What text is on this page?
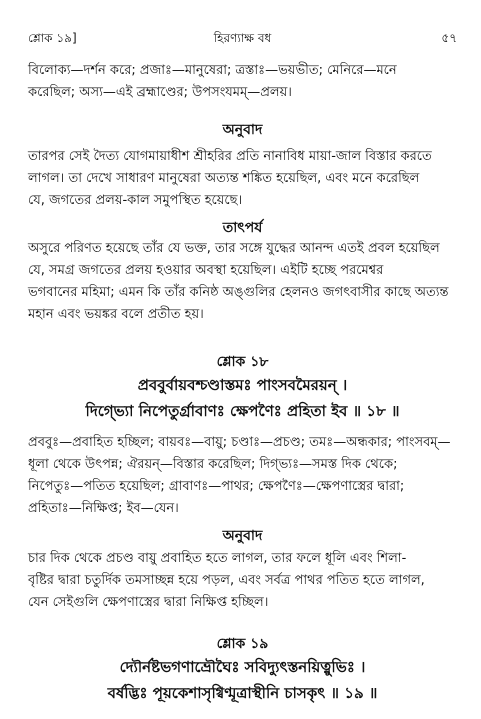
শ্লোক ১৯]	হিরণ্যাক্ষ বধ	৫৭
বিলোক্য—দর্শন করে; প্রজাঃ—মানুষেরা; ত্রস্তাঃ—ভয়ভীত; মেনিরে—মনে
করেছিল; অস্য—এই ব্রহ্মাণ্ডের; উপসংযমম্—প্রলয়।
অনুবাদ
তারপর সেই দৈত্য যোগমায়াধীশ শ্রীহরির প্রতি নানাবিধ মায়া-জাল বিস্তার করতে
লাগল। তা দেখে সাধারণ মানুষেরা অত্যন্ত শঙ্কিত হয়েছিল, এবং মনে করেছিল
যে, জগতের প্রলয়-কাল সমুপস্থিত হয়েছে।
তাৎপর্য
অসুরে পরিণত হয়েছে তাঁর যে ভক্ত, তার সঙ্গে যুদ্ধের আনন্দ এতই প্রবল হয়েছিল
যে, সমগ্র জগতের প্রলয় হওয়ার অবস্থা হয়েছিল। এইটি হচ্ছে পরমেশ্বর
ভগবানের মহিমা; এমন কি তাঁর কনিষ্ঠ অঙ্গুলির হেলনও জগৎবাসীর কাছে অত্যন্ত
মহান এবং ভয়ঙ্কর বলে প্রতীত হয়।
শ্লোক ১৮
প্রববুর্বায়বশ্চণ্ডাস্তমঃ পাংসবমৈরয়ন্ ।
দিগ্ভ্যো নিপেতুর্গ্রাবাণঃ ক্ষেপণৈঃ প্রহিতা ইব ॥ ১৮ ॥
প্রববুঃ—প্রবাহিত হচ্ছিল; বায়বঃ—বায়ু; চণ্ডাঃ—প্রচণ্ড; তমঃ—অন্ধকার; পাংসবম্—
ধূলা থেকে উৎপন্ন; ঐরয়ন্—বিস্তার করেছিল; দিগ্ভ্যঃ—সমস্ত দিক থেকে;
নিপেতুঃ—পতিত হয়েছিল; গ্রাবাণঃ—পাথর; ক্ষেপণৈঃ—ক্ষেপণাস্ত্রের দ্বারা;
প্রহিতাঃ—নিক্ষিপ্ত; ইব—যেন।
অনুবাদ
চার দিক থেকে প্রচণ্ড বায়ু প্রবাহিত হতে লাগল, তার ফলে ধূলি এবং শিলা-
বৃষ্টির দ্বারা চতুর্দিক তমসাচ্ছন্ন হয়ে পড়ল, এবং সর্বত্র পাথর পতিত হতে লাগল,
যেন সেইগুলি ক্ষেপণাস্ত্রের দ্বারা নিক্ষিপ্ত হচ্ছিল।
শ্লোক ১৯
দ্যৌর্নষ্টভগণাভ্রৌঘৈঃ সবিদ্যুৎস্তনয়িত্নুভিঃ ।
বর্ষদ্ভিঃ পূয়কেশাসৃগ্বিণ্মূত্রাস্থীনি চাসকৃৎ ॥ ১৯ ॥
